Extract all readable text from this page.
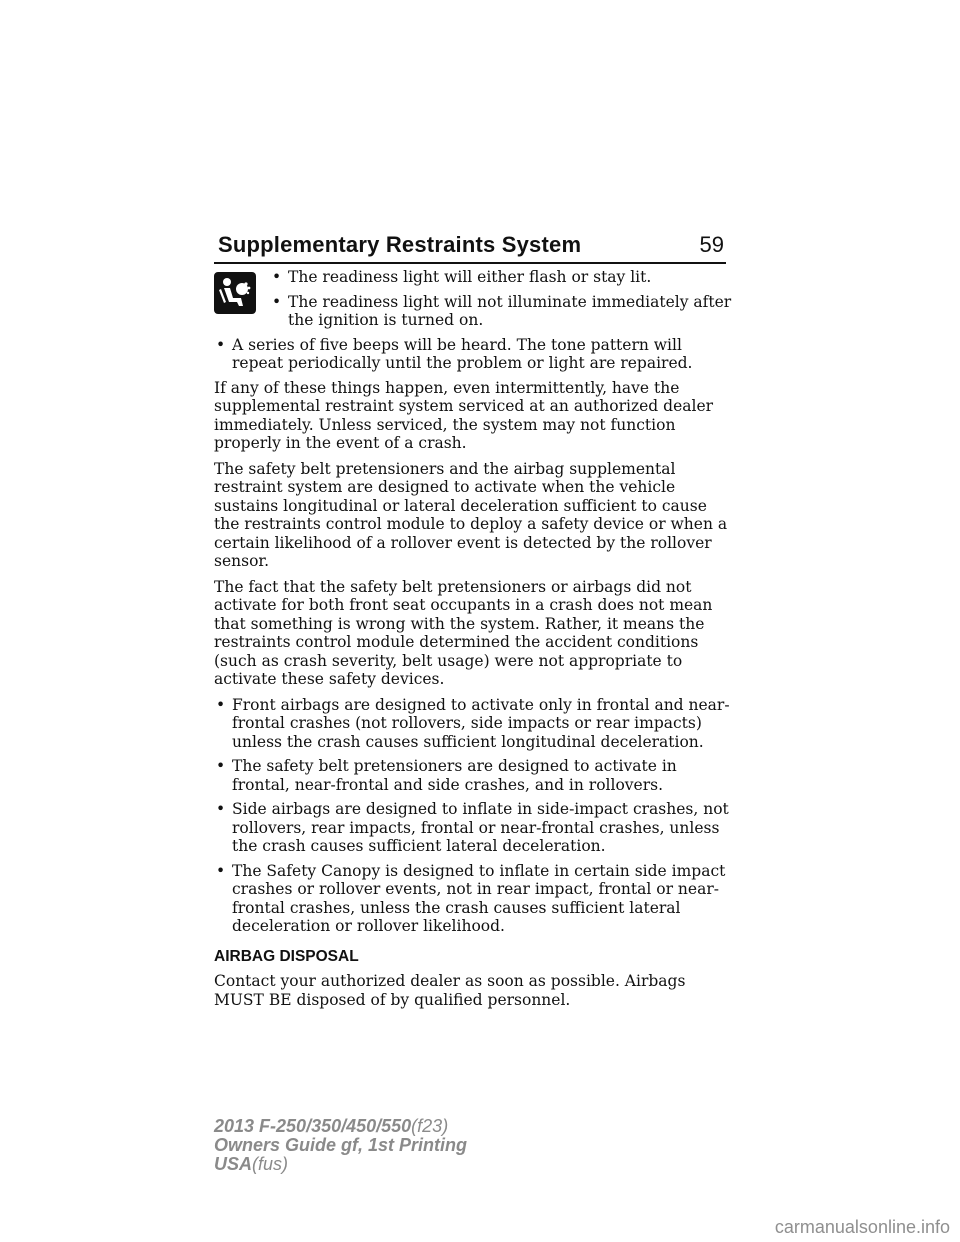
Supplementary Restraints System	59
• The readiness light will either flash or stay lit.
• The readiness light will not illuminate immediately after the ignition is turned on.
• A series of five beeps will be heard. The tone pattern will repeat periodically until the problem or light are repaired.

If any of these things happen, even intermittently, have the supplemental restraint system serviced at an authorized dealer immediately. Unless serviced, the system may not function properly in the event of a crash.

The safety belt pretensioners and the airbag supplemental restraint system are designed to activate when the vehicle sustains longitudinal or lateral deceleration sufficient to cause the restraints control module to deploy a safety device or when a certain likelihood of a rollover event is detected by the rollover sensor.

The fact that the safety belt pretensioners or airbags did not activate for both front seat occupants in a crash does not mean that something is wrong with the system. Rather, it means the restraints control module determined the accident conditions (such as crash severity, belt usage) were not appropriate to activate these safety devices.

• Front airbags are designed to activate only in frontal and near-frontal crashes (not rollovers, side impacts or rear impacts) unless the crash causes sufficient longitudinal deceleration.
• The safety belt pretensioners are designed to activate in frontal, near-frontal and side crashes, and in rollovers.
• Side airbags are designed to inflate in side-impact crashes, not rollovers, rear impacts, frontal or near-frontal crashes, unless the crash causes sufficient lateral deceleration.
• The Safety Canopy is designed to inflate in certain side impact crashes or rollover events, not in rear impact, frontal or near-frontal crashes, unless the crash causes sufficient lateral deceleration or rollover likelihood.
AIRBAG DISPOSAL

Contact your authorized dealer as soon as possible. Airbags MUST BE disposed of by qualified personnel.

2013 F-250/350/450/550(f23)
Owners Guide gf, 1st Printing
USA(fus)
carmanualsonline.info
